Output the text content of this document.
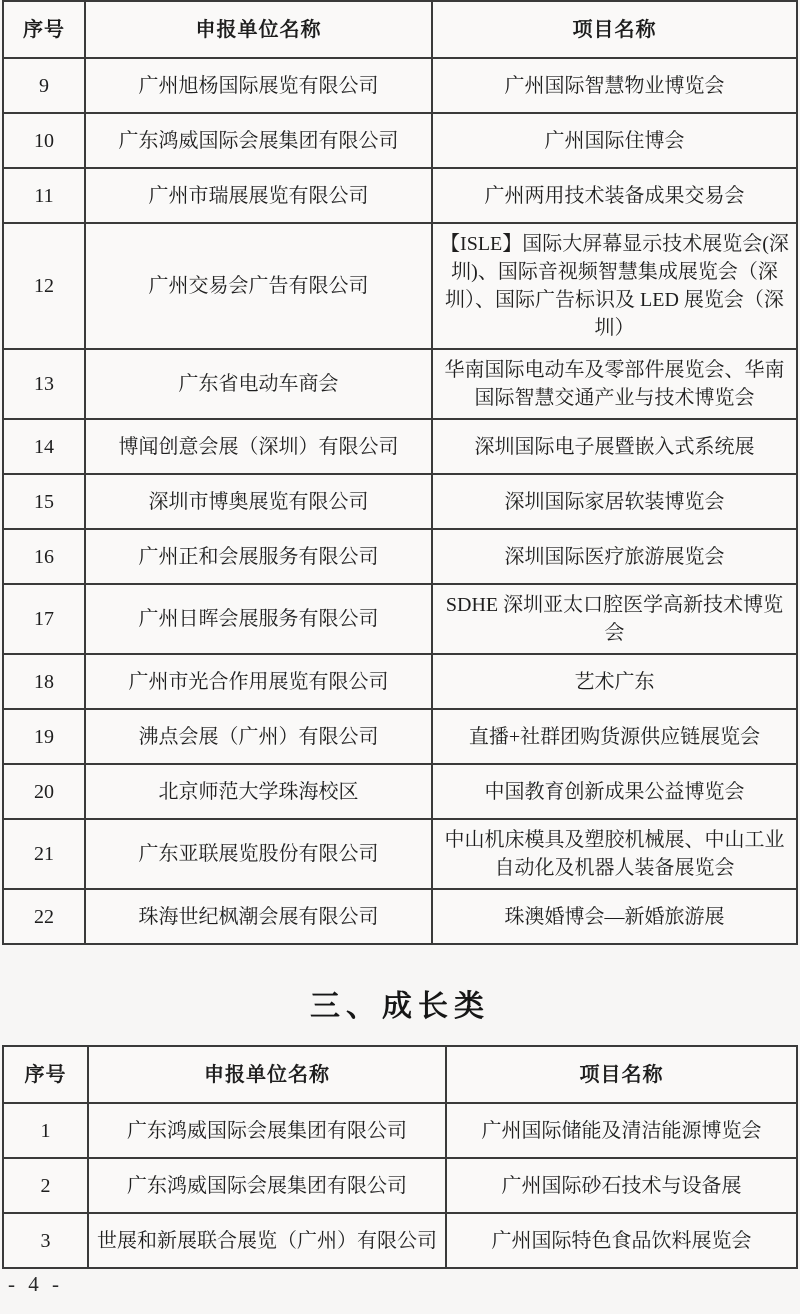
序号	申报单位名称	项目名称
9	广州旭杨国际展览有限公司	广州国际智慧物业博览会
10	广东鸿威国际会展集团有限公司	广州国际住博会
11	广州市瑞展展览有限公司	广州两用技术装备成果交易会
12	广州交易会广告有限公司	【ISLE】国际大屏幕显示技术展览会(深圳)、国际音视频智慧集成展览会（深圳）、国际广告标识及 LED 展览会（深圳）
13	广东省电动车商会	华南国际电动车及零部件展览会、华南国际智慧交通产业与技术博览会
14	博闻创意会展（深圳）有限公司	深圳国际电子展暨嵌入式系统展
15	深圳市博奥展览有限公司	深圳国际家居软装博览会
16	广州正和会展服务有限公司	深圳国际医疗旅游展览会
17	广州日晖会展服务有限公司	SDHE 深圳亚太口腔医学高新技术博览会
18	广州市光合作用展览有限公司	艺术广东
19	沸点会展（广州）有限公司	直播+社群团购货源供应链展览会
20	北京师范大学珠海校区	中国教育创新成果公益博览会
21	广东亚联展览股份有限公司	中山机床模具及塑胶机械展、中山工业自动化及机器人装备展览会
22	珠海世纪枫潮会展有限公司	珠澳婚博会—新婚旅游展
三、成长类
序号	申报单位名称	项目名称
1	广东鸿威国际会展集团有限公司	广州国际储能及清洁能源博览会
2	广东鸿威国际会展集团有限公司	广州国际砂石技术与设备展
3	世展和新展联合展览（广州）有限公司	广州国际特色食品饮料展览会
- 4 -
